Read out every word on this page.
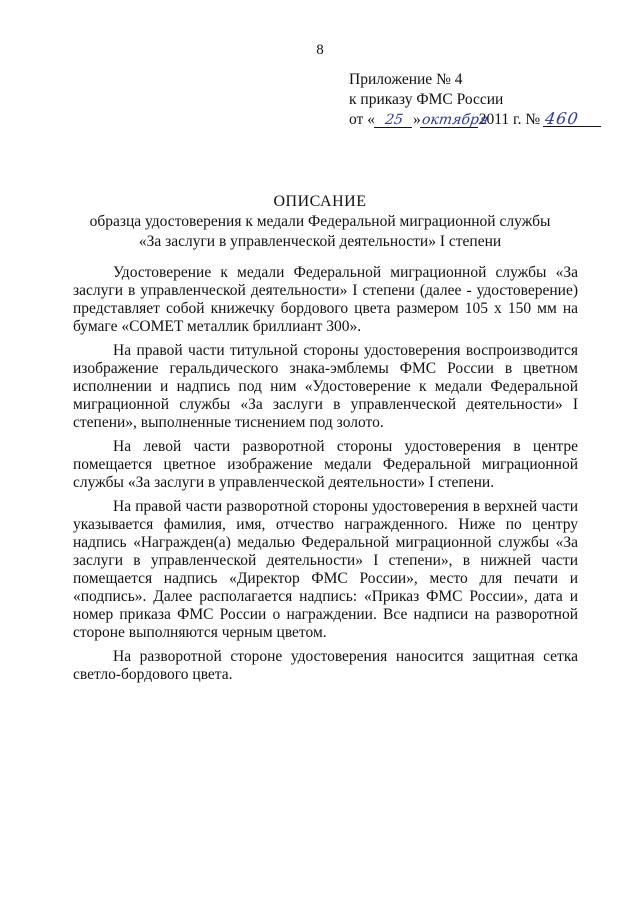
8
Приложение № 4
к приказу ФМС России
от « 25 »октября2011 г. № 460
ОПИСАНИЕ
образца удостоверения к медали Федеральной миграционной службы
«За заслуги в управленческой деятельности» I степени

Удостоверение к медали Федеральной миграционной службы «За заслуги в управленческой деятельности» I степени (далее - удостоверение) представляет собой книжечку бордового цвета размером 105 х 150 мм на бумаге «COMET металлик бриллиант 300».

На правой части титульной стороны удостоверения воспроизводится изображение геральдического знака-эмблемы ФМС России в цветном исполнении и надпись под ним «Удостоверение к медали Федеральной миграционной службы «За заслуги в управленческой деятельности» I степени», выполненные тиснением под золото.

На левой части разворотной стороны удостоверения в центре помещается цветное изображение медали Федеральной миграционной службы «За заслуги в управленческой деятельности» I степени.

На правой части разворотной стороны удостоверения в верхней части указывается фамилия, имя, отчество награжденного. Ниже по центру надпись «Награжден(а) медалью Федеральной миграционной службы «За заслуги в управленческой деятельности» I степени», в нижней части помещается надпись «Директор ФМС России», место для печати и «подпись». Далее располагается надпись: «Приказ ФМС России», дата и номер приказа ФМС России о награждении. Все надписи на разворотной стороне выполняются черным цветом.

На разворотной стороне удостоверения наносится защитная сетка светло-бордового цвета.
